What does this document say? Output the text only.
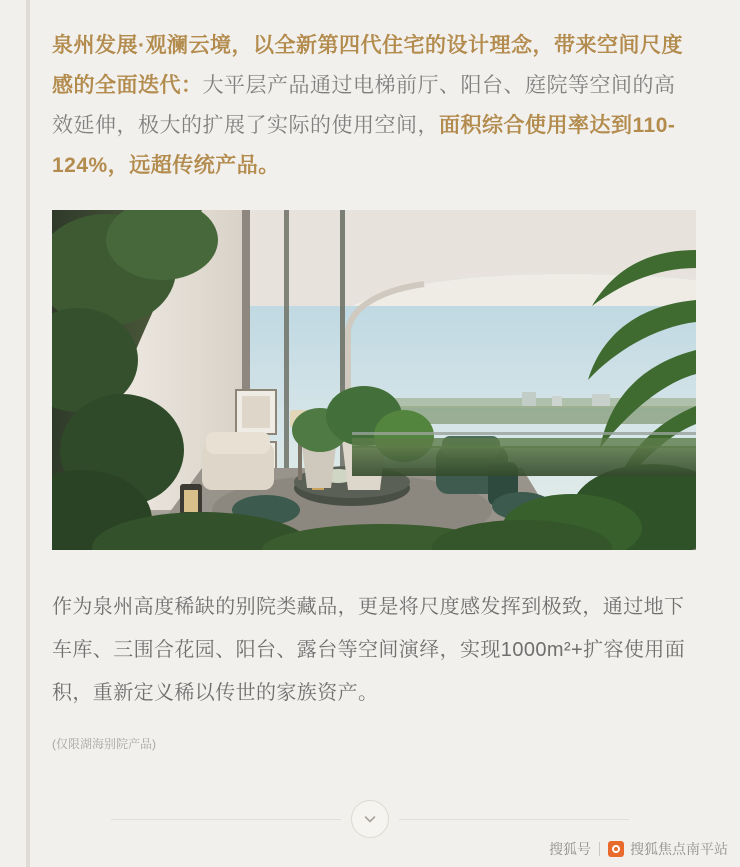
泉州发展·观澜云境，以全新第四代住宅的设计理念，带来空间尺度感的全面迭代：大平层产品通过电梯前厅、阳台、庭院等空间的高效延伸，极大的扩展了实际的使用空间，面积综合使用率达到110-124%，远超传统产品。

作为泉州高度稀缺的别院类藏品，更是将尺度感发挥到极致，通过地下车库、三围合花园、阳台、露台等空间演绎，实现1000m²+扩容使用面积，重新定义稀以传世的家族资产。

(仅限湖海别院产品)

搜狐号	搜狐焦点南平站
